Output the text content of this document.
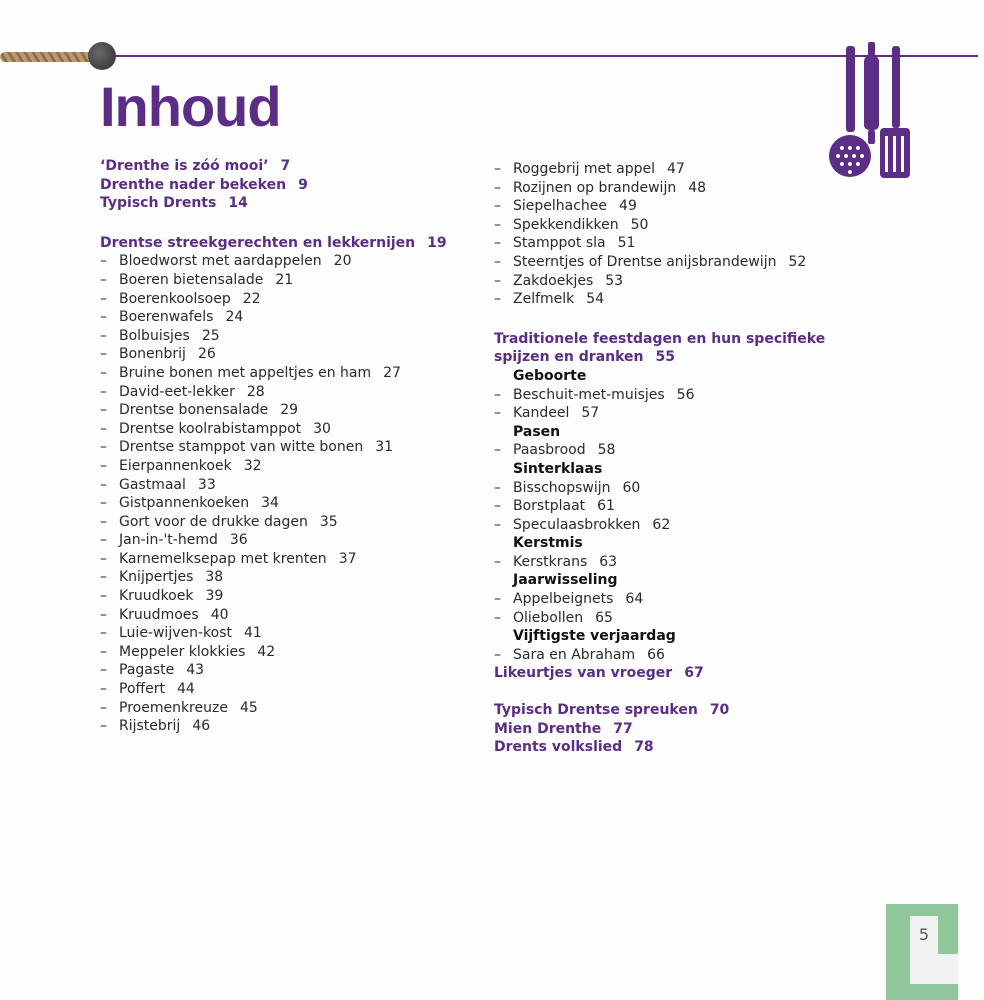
Inhoud
‘Drenthe is zóó mooi’ 7
Drenthe nader bekeken 9
Typisch Drents 14
Drentse streekgerechten en lekkernijen 19
– Bloedworst met aardappelen 20
– Boeren bietensalade 21
– Boerenkoolsoep 22
– Boerenwafels 24
– Bolbuisjes 25
– Bonenbrij 26
– Bruine bonen met appeltjes en ham 27
– David-eet-lekker 28
– Drentse bonensalade 29
– Drentse koolrabistamppot 30
– Drentse stamppot van witte bonen 31
– Eierpannenkoek 32
– Gastmaal 33
– Gistpannenkoeken 34
– Gort voor de drukke dagen 35
– Jan-in-'t-hemd 36
– Karnemelksepap met krenten 37
– Knijpertjes 38
– Kruudkoek 39
– Kruudmoes 40
– Luie-wijven-kost 41
– Meppeler klokkies 42
– Pagaste 43
– Poffert 44
– Proemenkreuze 45
– Rijstebrij 46
– Roggebrij met appel 47
– Rozijnen op brandewijn 48
– Siepelhachee 49
– Spekkendikken 50
– Stamppot sla 51
– Steerntjes of Drentse anijsbrandewijn 52
– Zakdoekjes 53
– Zelfmelk 54
Traditionele feestdagen en hun specifieke
spijzen en dranken 55
Geboorte
– Beschuit-met-muisjes 56
– Kandeel 57
Pasen
– Paasbrood 58
Sinterklaas
– Bisschopswijn 60
– Borstplaat 61
– Speculaasbrokken 62
Kerstmis
– Kerstkrans 63
Jaarwisseling
– Appelbeignets 64
– Oliebollen 65
Vijftigste verjaardag
– Sara en Abraham 66
Likeurtjes van vroeger 67
Typisch Drentse spreuken 70
Mien Drenthe 77
Drents volkslied 78
5
